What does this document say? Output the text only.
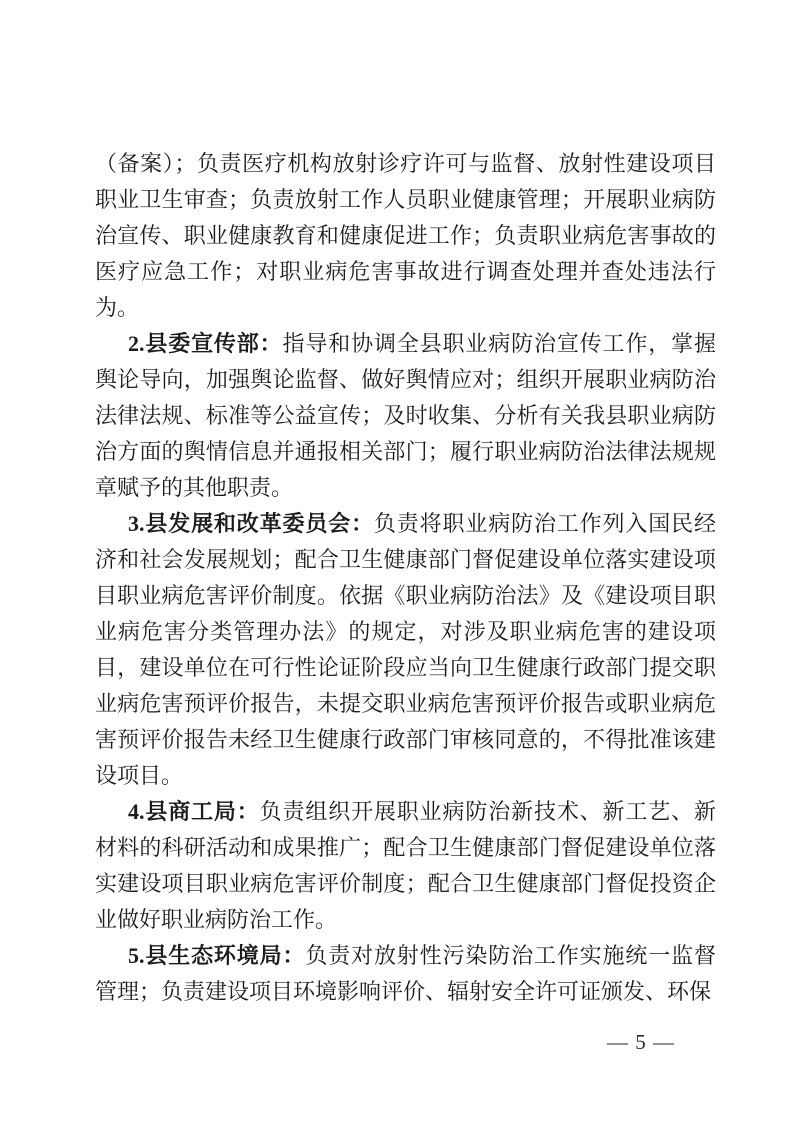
（备案）；负责医疗机构放射诊疗许可与监督、放射性建设项目职业卫生审查；负责放射工作人员职业健康管理；开展职业病防治宣传、职业健康教育和健康促进工作；负责职业病危害事故的医疗应急工作；对职业病危害事故进行调查处理并查处违法行为。

2.县委宣传部：指导和协调全县职业病防治宣传工作，掌握舆论导向，加强舆论监督、做好舆情应对；组织开展职业病防治法律法规、标准等公益宣传；及时收集、分析有关我县职业病防治方面的舆情信息并通报相关部门；履行职业病防治法律法规规章赋予的其他职责。

3.县发展和改革委员会：负责将职业病防治工作列入国民经济和社会发展规划；配合卫生健康部门督促建设单位落实建设项目职业病危害评价制度。依据《职业病防治法》及《建设项目职业病危害分类管理办法》的规定，对涉及职业病危害的建设项目，建设单位在可行性论证阶段应当向卫生健康行政部门提交职业病危害预评价报告，未提交职业病危害预评价报告或职业病危害预评价报告未经卫生健康行政部门审核同意的，不得批准该建设项目。

4.县商工局：负责组织开展职业病防治新技术、新工艺、新材料的科研活动和成果推广；配合卫生健康部门督促建设单位落实建设项目职业病危害评价制度；配合卫生健康部门督促投资企业做好职业病防治工作。

5.县生态环境局：负责对放射性污染防治工作实施统一监督管理；负责建设项目环境影响评价、辐射安全许可证颁发、环保

— 5 —
